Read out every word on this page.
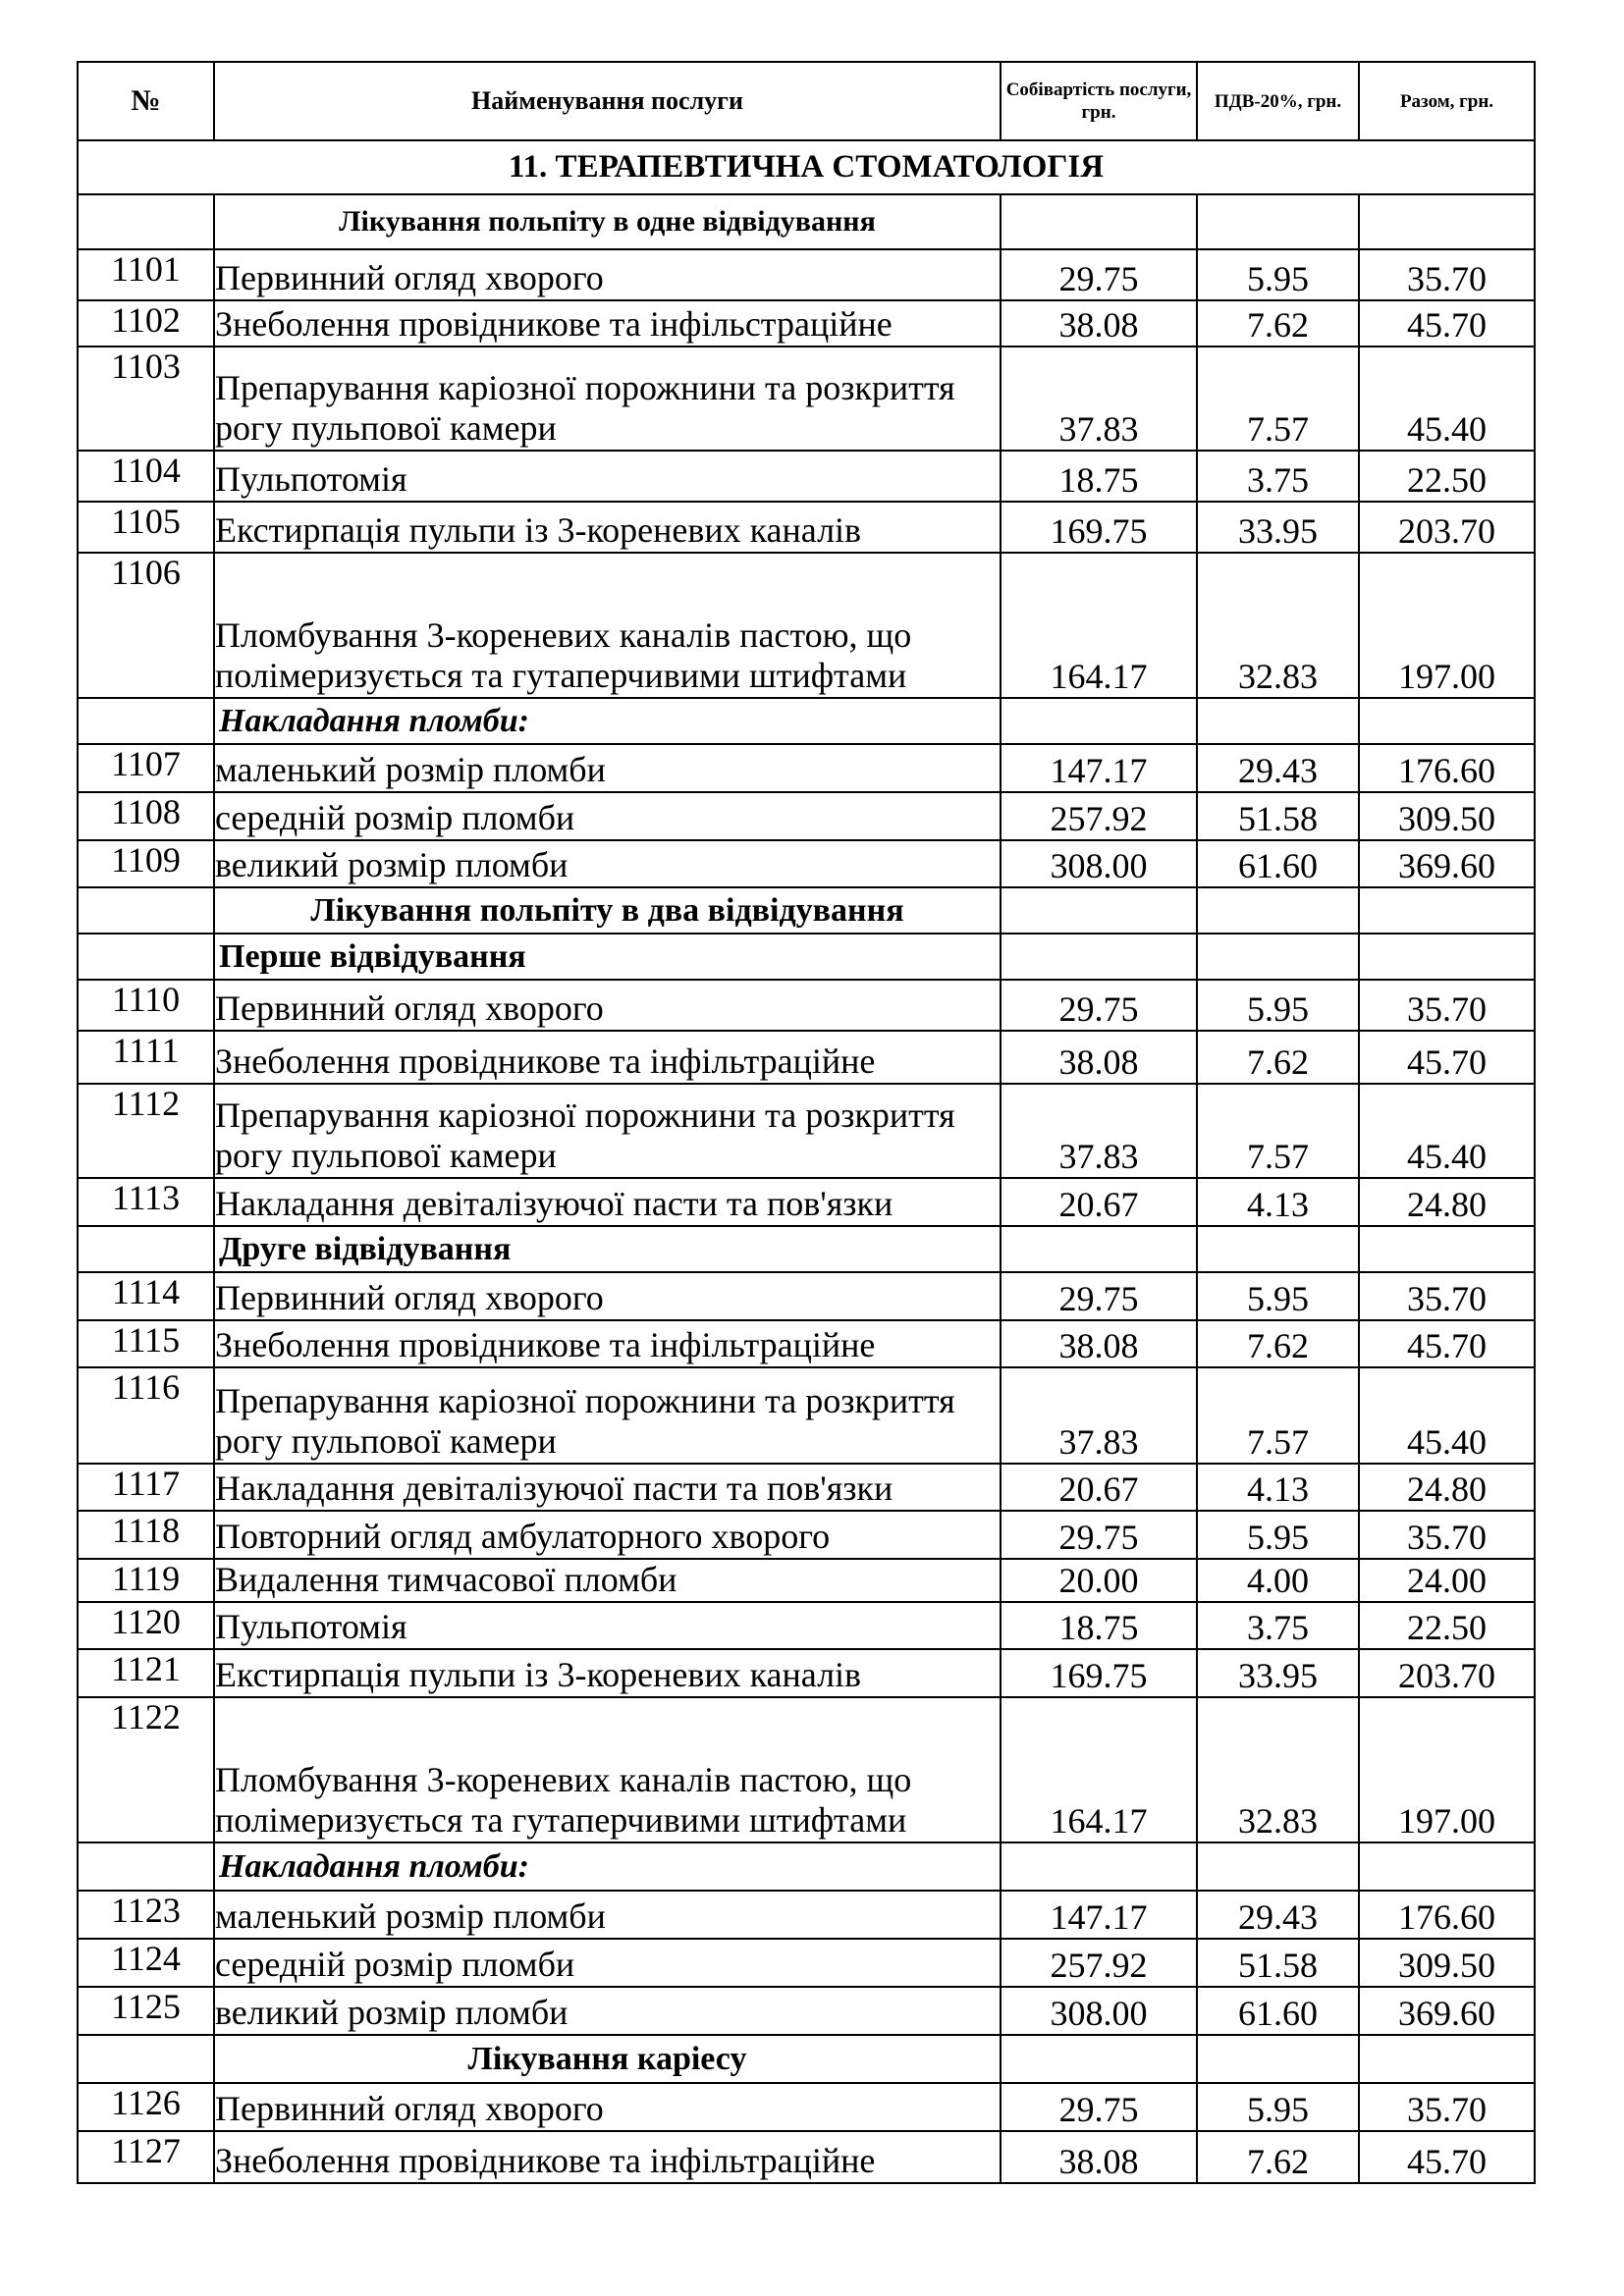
№	Найменування послуги	Собівартість послуги, грн.	ПДВ-20%, грн.	Разом, грн.
11. ТЕРАПЕВТИЧНА СТОМАТОЛОГІЯ				
	Лікування польпіту в одне відвідування			
1101	Первинний огляд хворого	29.75	5.95	35.70
1102	Знеболення провідникове та інфільстраційне	38.08	7.62	45.70
1103	Препарування каріозної порожнини та розкриття рогу пульпової камери	37.83	7.57	45.40
1104	Пульпотомія	18.75	3.75	22.50
1105	Екстирпація пульпи із 3-кореневих каналів	169.75	33.95	203.70
1106	Пломбування 3-кореневих каналів пастою, що полімеризується та гутаперчивими штифтами	164.17	32.83	197.00
	Накладання пломби:			
1107	маленький розмір пломби	147.17	29.43	176.60
1108	середній розмір пломби	257.92	51.58	309.50
1109	великий розмір пломби	308.00	61.60	369.60
	Лікування польпіту в два відвідування			
	Перше відвідування			
1110	Первинний огляд хворого	29.75	5.95	35.70
1111	Знеболення провідникове та інфільтраційне	38.08	7.62	45.70
1112	Препарування каріозної порожнини та розкриття рогу пульпової камери	37.83	7.57	45.40
1113	Накладання девіталізуючої пасти та пов'язки	20.67	4.13	24.80
	Друге відвідування			
1114	Первинний огляд хворого	29.75	5.95	35.70
1115	Знеболення провідникове та інфільтраційне	38.08	7.62	45.70
1116	Препарування каріозної порожнини та розкриття рогу пульпової камери	37.83	7.57	45.40
1117	Накладання девіталізуючої пасти та пов'язки	20.67	4.13	24.80
1118	Повторний огляд амбулаторного хворого	29.75	5.95	35.70
1119	Видалення тимчасової пломби	20.00	4.00	24.00
1120	Пульпотомія	18.75	3.75	22.50
1121	Екстирпація пульпи із 3-кореневих каналів	169.75	33.95	203.70
1122	Пломбування 3-кореневих каналів пастою, що полімеризується та гутаперчивими штифтами	164.17	32.83	197.00
	Накладання пломби:			
1123	маленький розмір пломби	147.17	29.43	176.60
1124	середній розмір пломби	257.92	51.58	309.50
1125	великий розмір пломби	308.00	61.60	369.60
	Лікування каріесу			
1126	Первинний огляд хворого	29.75	5.95	35.70
1127	Знеболення провідникове та інфільтраційне	38.08	7.62	45.70
